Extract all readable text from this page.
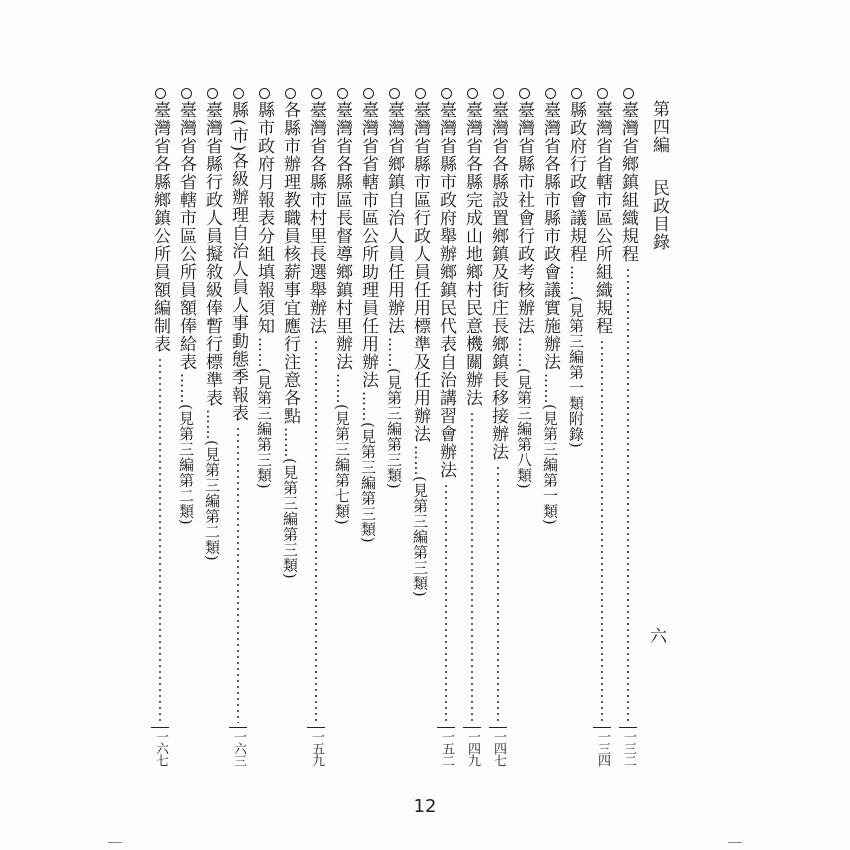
第四編  民政目錄
臺灣省鄉鎮組織規程
一三二
臺灣省省轄市區公所組織規程
一三四
縣政府行政會議規程
……(見第三編第一類附錄)
臺灣省各縣市縣市政會議實施辦法
……(見第三編第一類)
臺灣省縣市社會行政考核辦法
……(見第三編第八類)
臺灣省各縣設置鄉鎮及街庄長鄉鎮長移接辦法
一四七
臺灣省各縣完成山地鄉村民意機關辦法
一四九
臺灣省縣市政府舉辦鄉鎮民代表自治講習會辦法
一五二
臺灣省縣市區行政人員任用標準及任用辦法
……(見第三編第三類)
臺灣省鄉鎮自治人員任用辦法
……(見第三編第三類)
臺灣省省轄市區公所助理員任用辦法
……(見第三編第三類)
臺灣省各縣區長督導鄉鎮村里辦法
……(見第三編第七類)
臺灣省各縣市村里長選舉辦法
一五九
各縣市辦理教職員核薪事宜應行注意各點
……(見第三編第三類)
縣市政府月報表分組填報須知
……(見第三編第三類)
縣(市)各級辦理自治人員人事動態季報表
一六三
臺灣省縣行政人員擬敘級俸暫行標準表
……(見第三編第二類)
臺灣省各省轄市區公所員額俸給表
……(見第三編第二類)
臺灣省各縣鄉鎮公所員額編制表
一六七
六
12
